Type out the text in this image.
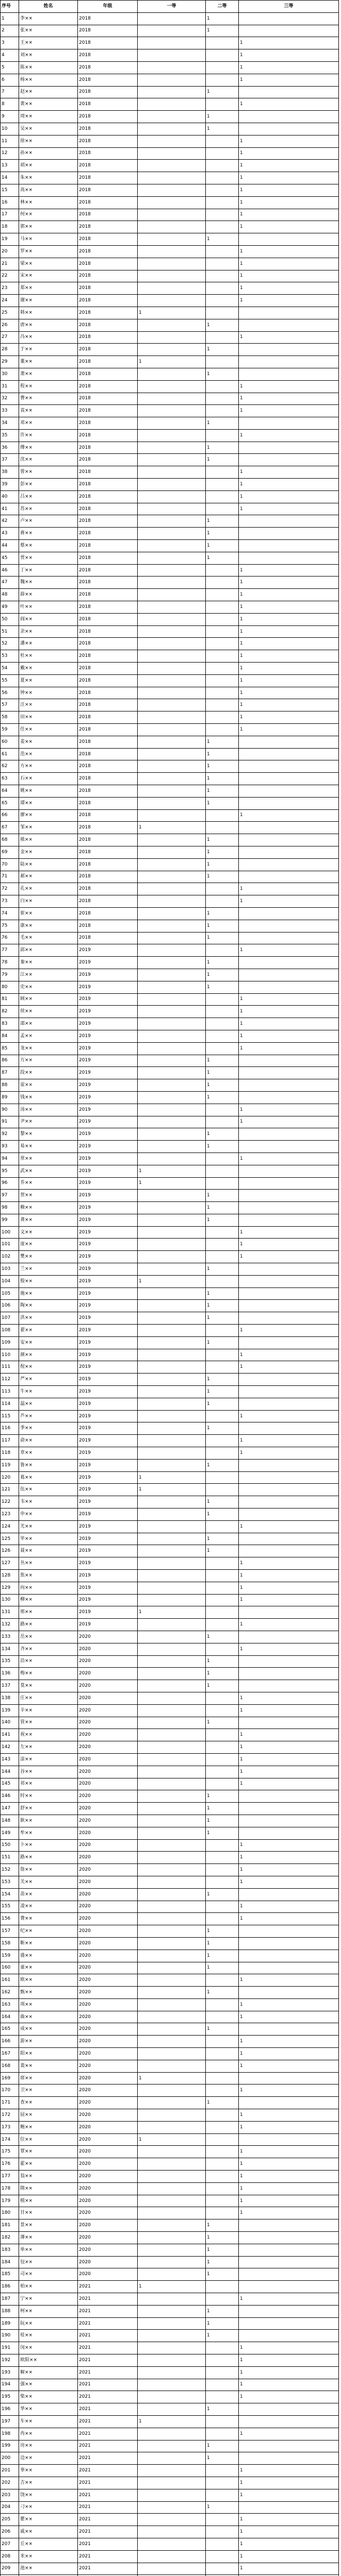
序号	姓名	年级	一等	二等	三等
1	李××	2018		1	
2	张××	2018		1	
3	王××	2018			1
4	刘××	2018			1
5	陈××	2018			1
6	杨××	2018			1
7	赵××	2018		1	
8	黄××	2018			1
9	周××	2018		1	
10	吴××	2018		1	
11	徐××	2018			1
12	孙××	2018			1
13	胡××	2018			1
14	朱××	2018			1
15	高××	2018			1
16	林××	2018			1
17	何××	2018			1
18	郭××	2018			1
19	马××	2018		1	
20	罗××	2018			1
21	梁××	2018			1
22	宋××	2018			1
23	郑××	2018			1
24	谢××	2018			1
25	韩××	2018	1		
26	唐××	2018		1	
27	冯××	2018			1
28	于××	2018		1	
29	董××	2018	1		
30	萧××	2018		1	
31	程××	2018			1
32	曹××	2018			1
33	袁××	2018			1
34	邓××	2018		1	
35	许××	2018			1
36	傅××	2018		1	
37	沈××	2018		1	
38	曾××	2018			1
39	彭××	2018			1
40	吕××	2018			1
41	苏××	2018			1
42	卢××	2018		1	
43	蒋××	2018		1	
44	蔡××	2018		1	
45	贾××	2018		1	
46	丁××	2018			1
47	魏××	2018			1
48	薛××	2018			1
49	叶××	2018			1
50	阎××	2018			1
51	余××	2018			1
52	潘××	2018			1
53	杜××	2018			1
54	戴××	2018			1
55	夏××	2018			1
56	钟××	2018			1
57	汪××	2018			1
58	田××	2018			1
59	任××	2018			1
60	姜××	2018		1	
61	范××	2018		1	
62	方××	2018		1	
63	石××	2018		1	
64	姚××	2018		1	
65	谭××	2018		1	
66	廖××	2018			1
67	邹××	2018	1		
68	熊××	2018		1	
69	金××	2018		1	
70	陆××	2018		1	
71	郝××	2018		1	
72	孔××	2018			1
73	白××	2018			1
74	崔××	2018		1	
75	康××	2018		1	
76	毛××	2018		1	
77	邱××	2019			1
78	秦××	2019		1	
79	江××	2019		1	
80	史××	2019		1	
81	顾××	2019			1
82	侯××	2019			1
83	邵××	2019			1
84	孟××	2019			1
85	龙××	2019			1
86	万××	2019		1	
87	段××	2019		1	
88	雷××	2019		1	
89	钱××	2019		1	
90	汤××	2019			1
91	尹××	2019			1
92	黎××	2019		1	
93	易××	2019		1	
94	常××	2019			1
95	武××	2019	1		
96	乔××	2019	1		
97	贺××	2019		1	
98	赖××	2019		1	
99	龚××	2019		1	
100	文××	2019			1
101	庞××	2019			1
102	樊××	2019			1
103	兰××	2019		1	
104	殷××	2019	1		
105	施××	2019		1	
106	陶××	2019		1	
107	洪××	2019		1	
108	翟××	2019			1
109	安××	2019		1	
110	颜××	2019			1
111	倪××	2019			1
112	严××	2019		1	
113	牛××	2019		1	
114	温××	2019		1	
115	芦××	2019			1
116	季××	2019		1	
117	俞××	2019			1
118	章××	2019			1
119	鲁××	2019		1	
120	葛××	2019	1		
121	伍××	2019	1		
122	韦××	2019		1	
123	申××	2019		1	
124	尤××	2019			1
125	毕××	2019		1	
126	聂××	2019		1	
127	丛××	2019			1
128	焦××	2019			1
129	向××	2019			1
130	柳××	2019			1
131	邢××	2019	1		
132	路××	2019			1
133	岳××	2020		1	
134	齐××	2020			1
135	沿××	2020		1	
136	梅××	2020		1	
137	莫××	2020		1	
138	庄××	2020			1
139	辛××	2020			1
140	管××	2020		1	
141	祝××	2020			1
142	左××	2020			1
143	涂××	2020			1
144	谷××	2020			1
145	祁××	2020			1
146	时××	2020		1	
147	舒××	2020		1	
148	耿××	2020		1	
149	牟××	2020		1	
150	卜××	2020			1
151	路××	2020			1
152	詹××	2020			1
153	关××	2020			1
154	苗××	2020		1	
155	凌××	2020			1
156	费××	2020			1
157	纪××	2020		1	
158	靳××	2020		1	
159	盛××	2020		1	
160	童××	2020		1	
161	欧××	2020			1
162	甄××	2020		1	
163	项××	2020			1
164	曲××	2020			1
165	成××	2020		1	
166	游××	2020			1
167	阳××	2020			1
168	裴××	2020			1
169	席××	2020	1		
170	卫××	2020			1
171	查××	2020		1	
172	屈××	2020			1
173	鲍××	2020			1
174	位××	2020	1		
175	覃××	2020			1
176	霍××	2020			1
177	翁××	2020			1
178	隋××	2020			1
179	植××	2020			1
180	甘××	2020			1
181	景××	2020		1	
182	薄××	2020		1	
183	单××	2020		1	
184	包××	2020		1	
185	司××	2020		1	
186	柏××	2021	1		
187	宁××	2021			1
188	柯××	2021		1	
189	阮××	2021		1	
190	桂××	2021		1	
191	闵××	2021			1
192	欧阳××	2021			1
193	解××	2021			1
194	强××	2021			1
195	柴××	2021			1
196	华××	2021		1	
197	车××	2021	1		
198	冉××	2021			1
199	房××	2021		1	
200	边××	2021		1	
201	辜××	2021			1
202	吉××	2021			1
203	饶××	2021			1
204	刁××	2021		1	
205	瞿××	2021			1
206	戚××	2021			1
207	丘××	2021			1
208	米××	2021			1
209	池××	2021			1
